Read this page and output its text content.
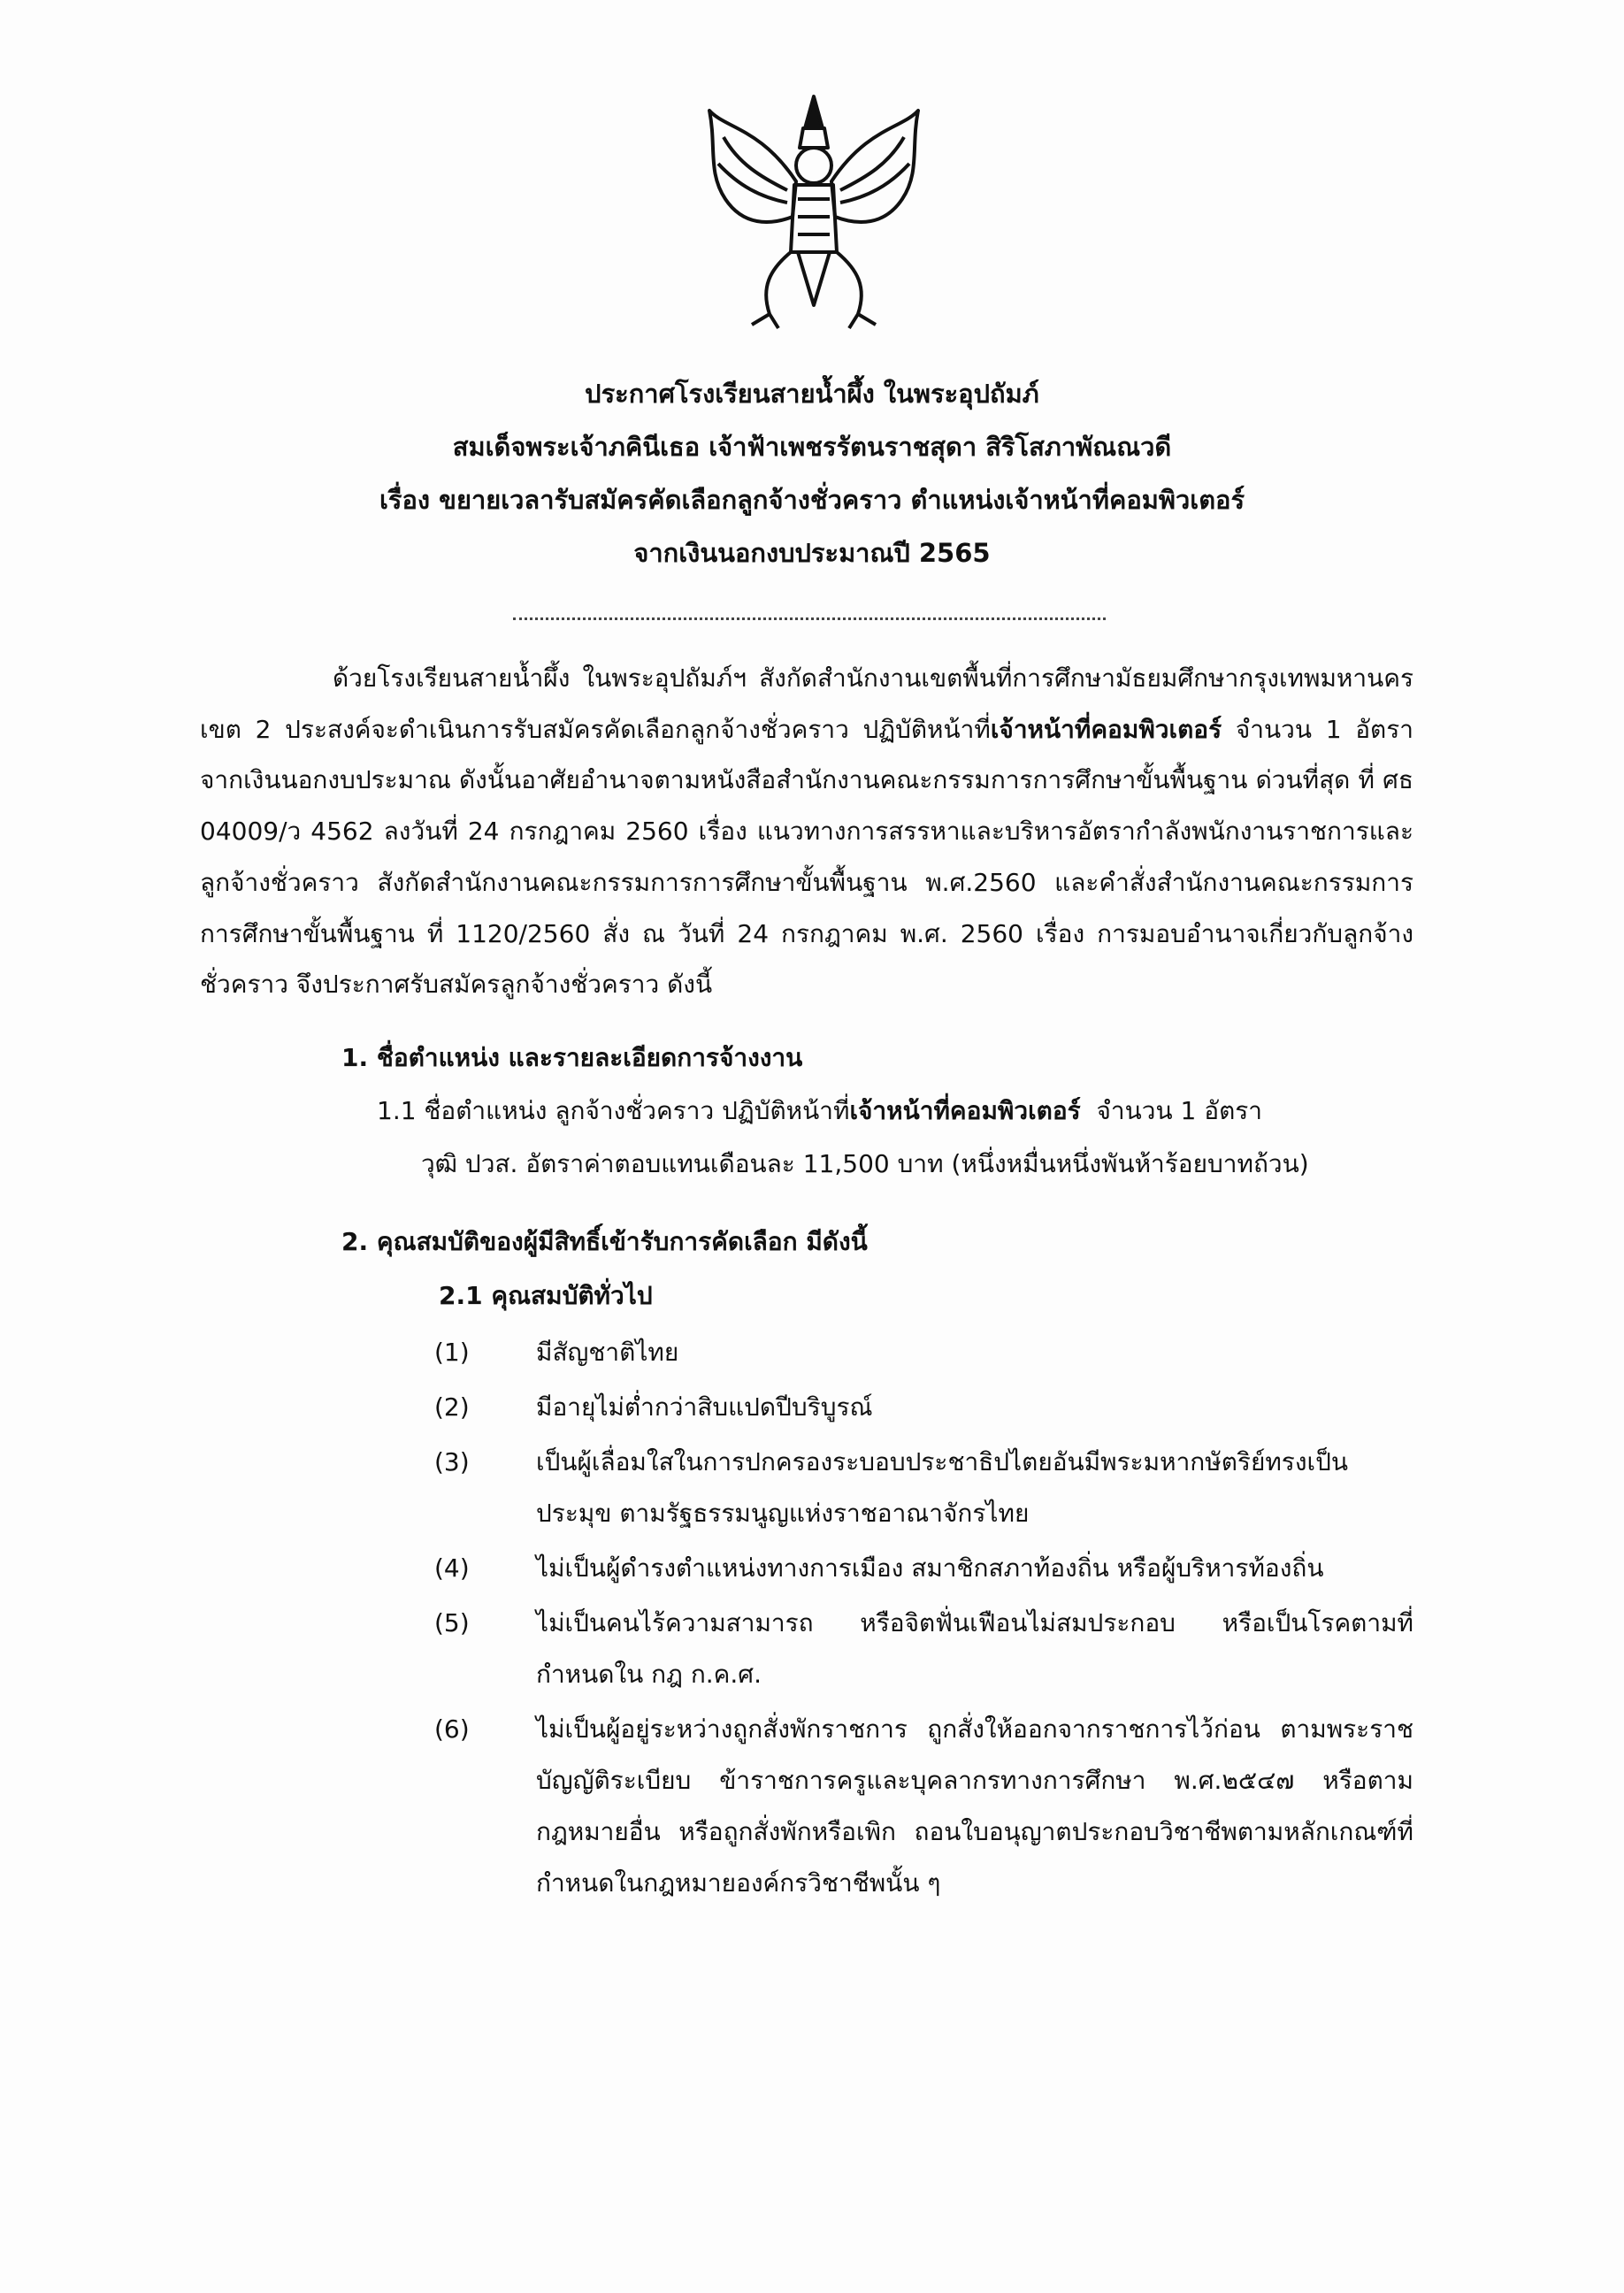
ประกาศโรงเรียนสายน้ำผึ้ง ในพระอุปถัมภ์
สมเด็จพระเจ้าภคินีเธอ เจ้าฟ้าเพชรรัตนราชสุดา สิริโสภาพัณณวดี
เรื่อง ขยายเวลารับสมัครคัดเลือกลูกจ้างชั่วคราว ตำแหน่งเจ้าหน้าที่คอมพิวเตอร์
จากเงินนอกงบประมาณปี 2565

ด้วยโรงเรียนสายน้ำผึ้ง ในพระอุปถัมภ์ฯ สังกัดสำนักงานเขตพื้นที่การศึกษามัธยมศึกษากรุงเทพมหานคร เขต 2 ประสงค์จะดำเนินการรับสมัครคัดเลือกลูกจ้างชั่วคราว ปฏิบัติหน้าที่เจ้าหน้าที่คอมพิวเตอร์ จำนวน 1 อัตรา จากเงินนอกงบประมาณ ดังนั้นอาศัยอำนาจตามหนังสือสำนักงานคณะกรรมการการศึกษาขั้นพื้นฐาน ด่วนที่สุด ที่ ศธ 04009/ว 4562 ลงวันที่ 24 กรกฎาคม 2560 เรื่อง แนวทางการสรรหาและบริหารอัตรากำลังพนักงานราชการและลูกจ้างชั่วคราว สังกัดสำนักงานคณะกรรมการการศึกษาขั้นพื้นฐาน พ.ศ.2560 และคำสั่งสำนักงานคณะกรรมการการศึกษาขั้นพื้นฐาน ที่ 1120/2560 สั่ง ณ วันที่ 24 กรกฎาคม พ.ศ. 2560 เรื่อง การมอบอำนาจเกี่ยวกับลูกจ้างชั่วคราว จึงประกาศรับสมัครลูกจ้างชั่วคราว ดังนี้

1. ชื่อตำแหน่ง และรายละเอียดการจ้างงาน
1.1 ชื่อตำแหน่ง ลูกจ้างชั่วคราว ปฏิบัติหน้าที่เจ้าหน้าที่คอมพิวเตอร์  จำนวน 1 อัตรา
วุฒิ ปวส. อัตราค่าตอบแทนเดือนละ 11,500 บาท (หนึ่งหมื่นหนึ่งพันห้าร้อยบาทถ้วน)
2. คุณสมบัติของผู้มีสิทธิ์เข้ารับการคัดเลือก มีดังนี้
2.1 คุณสมบัติทั่วไป
(1)	มีสัญชาติไทย
(2)	มีอายุไม่ต่ำกว่าสิบแปดปีบริบูรณ์
(3)	เป็นผู้เลื่อมใสในการปกครองระบอบประชาธิปไตยอันมีพระมหากษัตริย์ทรงเป็นประมุข ตามรัฐธรรมนูญแห่งราชอาณาจักรไทย
(4)	ไม่เป็นผู้ดำรงตำแหน่งทางการเมือง สมาชิกสภาท้องถิ่น หรือผู้บริหารท้องถิ่น
(5)	ไม่เป็นคนไร้ความสามารถ หรือจิตฟั่นเฟือนไม่สมประกอบ หรือเป็นโรคตามที่กำหนดใน กฎ ก.ค.ศ.
(6)	ไม่เป็นผู้อยู่ระหว่างถูกสั่งพักราชการ ถูกสั่งให้ออกจากราชการไว้ก่อน ตามพระราชบัญญัติระเบียบ ข้าราชการครูและบุคลากรทางการศึกษา พ.ศ.๒๕๔๗ หรือตามกฎหมายอื่น หรือถูกสั่งพักหรือเพิก ถอนใบอนุญาตประกอบวิชาชีพตามหลักเกณฑ์ที่กำหนดในกฎหมายองค์กรวิชาชีพนั้น ๆ
